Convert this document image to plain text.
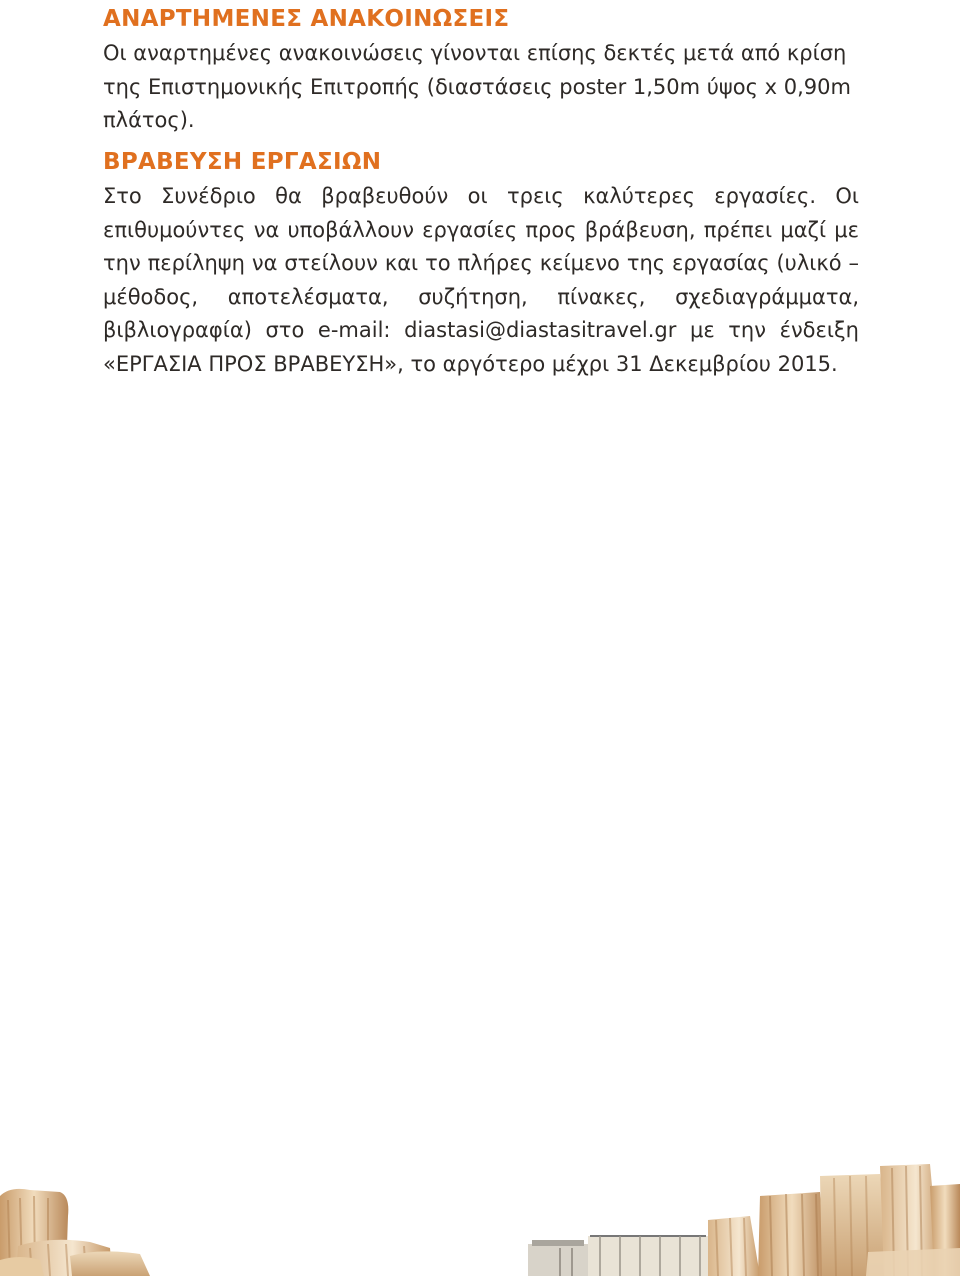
ΑΝΑΡΤΗΜΕΝΕΣ ΑΝΑΚΟΙΝΩΣΕΙΣ

Οι αναρτημένες ανακοινώσεις γίνονται επίσης δεκτές μετά από κρίση της Επιστημονικής Επιτροπής (διαστάσεις poster 1,50m ύψος x 0,90m πλάτος).

ΒΡΑΒΕΥΣΗ ΕΡΓΑΣΙΩΝ

Στο Συνέδριο θα βραβευθούν οι τρεις καλύτερες εργασίες. Οι επιθυμούντες να υποβάλλουν εργασίες προς βράβευση, πρέπει μαζί με την περίληψη να στείλουν και το πλήρες κείμενο της εργασίας (υλικό – μέθοδος, αποτελέσματα, συζήτηση, πίνακες, σχεδιαγράμματα, βιβλιογραφία) στο e-mail: diastasi@diastasitravel.gr με την ένδειξη «ΕΡΓΑΣΙΑ ΠΡΟΣ ΒΡΑΒΕΥΣΗ», το αργότερο μέχρι 31 Δεκεμβρίου 2015.
